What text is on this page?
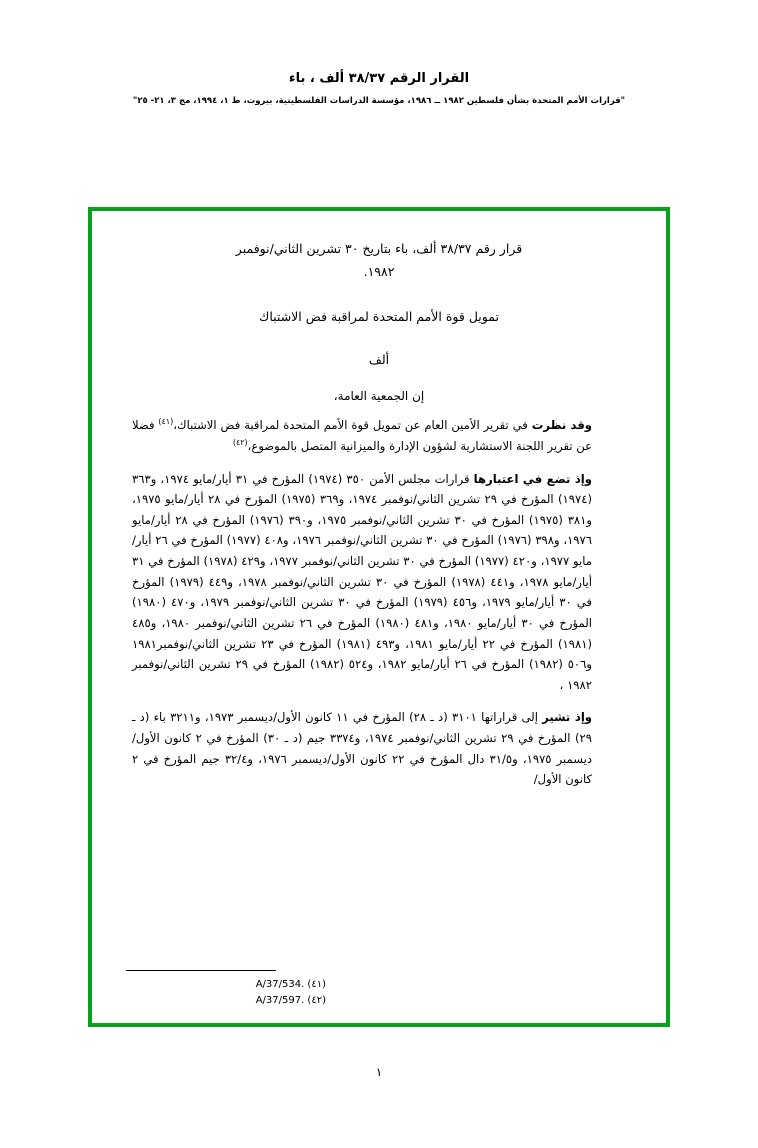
القرار الرقم ٣٨/٣٧ ألف ، باء
"قرارات الأمم المتحدة بشأن فلسطين ١٩٨٢ ــ ١٩٨٦، مؤسسة الدراسات الفلسطينية، بيروت، ط ١، ١٩٩٤، مج ٣، ٢١- ٢٥"
قرار رقم ٣٨/٣٧ ألف، باء بتاريخ ٣٠ تشرين الثاني/نوفمبر
١٩٨٢.
تمويل قوة الأمم المتحدة لمراقبة فض الاشتباك
ألف
إن الجمعية العامة،

وقد نظرت في تقرير الأمين العام عن تمويل قوة الأمم المتحدة لمراقبة فض الاشتباك،$^{(٤١)}$ فضلا عن تقرير اللجنة الاستشارية لشؤون الإدارة والميزانية المتصل بالموضوع،$^{(٤٢)}$

وإذ تضع في اعتبارها قرارات مجلس الأمن ٣٥٠ (١٩٧٤) المؤرخ في ٣١ أيار/مايو ١٩٧٤، و٣٦٣ (١٩٧٤) المؤرخ في ٢٩ تشرين الثاني/نوفمبر ١٩٧٤، و٣٦٩ (١٩٧٥) المؤرخ في ٢٨ أيار/مايو ١٩٧٥، و٣٨١ (١٩٧٥) المؤرخ في ٣٠ تشرين الثاني/نوفمبر ١٩٧٥، و٣٩٠ (١٩٧٦) المؤرخ في ٢٨ أيار/مايو ١٩٧٦، و٣٩٨ (١٩٧٦) المؤرخ في ٣٠ تشرين الثاني/نوفمبر ١٩٧٦، و٤٠٨ (١٩٧٧) المؤرخ في ٢٦ أيار/مايو ١٩٧٧، و٤٢٠ (١٩٧٧) المؤرخ في ٣٠ تشرين الثاني/نوفمبر ١٩٧٧، و٤٢٩ (١٩٧٨) المؤرخ في ٣١ أيار/مايو ١٩٧٨، و٤٤١ (١٩٧٨) المؤرخ في ٣٠ تشرين الثاني/نوفمبر ١٩٧٨، و٤٤٩ (١٩٧٩) المؤرخ في ٣٠ أيار/مايو ١٩٧٩، و٤٥٦ (١٩٧٩) المؤرخ في ٣٠ تشرين الثاني/نوفمبر ١٩٧٩، و٤٧٠ (١٩٨٠) المؤرخ في ٣٠ أيار/مايو ١٩٨٠، و٤٨١ (١٩٨٠) المؤرخ في ٢٦ تشرين الثاني/نوفمبر ١٩٨٠، و٤٨٥ (١٩٨١) المؤرخ في ٢٢ أيار/مايو ١٩٨١، و٤٩٣ (١٩٨١) المؤرخ في ٢٣ تشرين الثاني/نوفمبر١٩٨١ و٥٠٦ (١٩٨٢) المؤرخ في ٢٦ أيار/مايو ١٩٨٢، و٥٢٤ (١٩٨٢) المؤرخ في ٢٩ تشرين الثاني/نوفمبر ١٩٨٢ ،

وإذ تشير إلى قراراتها ٣١٠١ (د ـ ٢٨) المؤرخ في ١١ كانون الأول/ديسمبر ١٩٧٣، و٣٢١١ باء (د ـ ٢٩) المؤرخ في ٢٩ تشرين الثاني/نوفمبر ١٩٧٤، و٣٣٧٤ جيم (د ـ ٣٠) المؤرخ في ٢ كانون الأول/ديسمبر ١٩٧٥، و٣١/٥ دال المؤرخ في ٢٢ كانون الأول/ديسمبر ١٩٧٦، و٣٢/٤ جيم المؤرخ في ٢ كانون الأول/

A/37/534. (٤١)
A/37/597. (٤٢)
١
